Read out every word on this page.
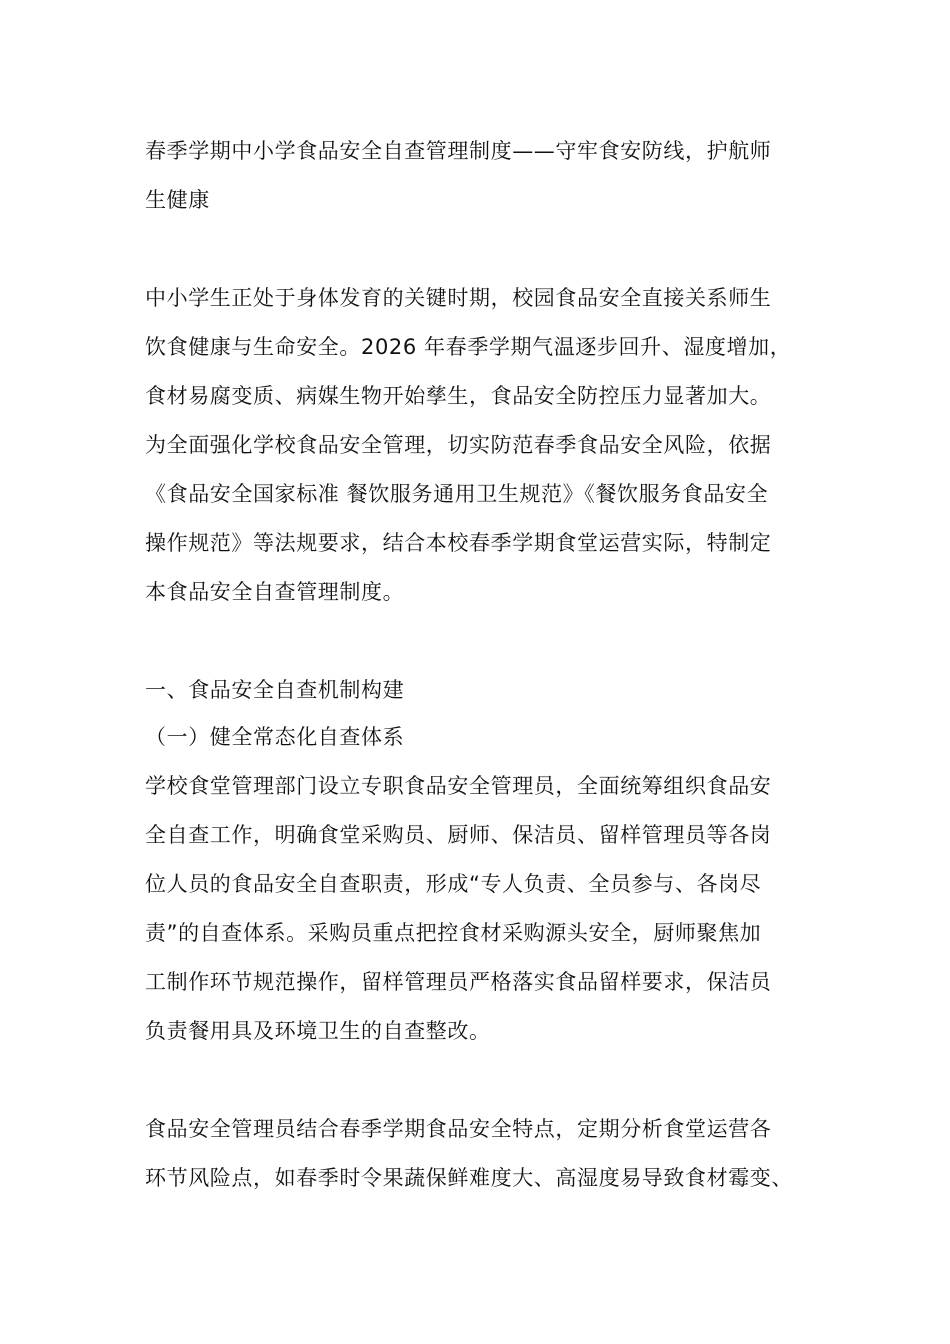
春季学期中小学食品安全自查管理制度——守牢食安防线，护航师
生健康

中小学生正处于身体发育的关键时期，校园食品安全直接关系师生
饮食健康与生命安全。2026 年春季学期气温逐步回升、湿度增加，
食材易腐变质、病媒生物开始孳生，食品安全防控压力显著加大。
为全面强化学校食品安全管理，切实防范春季食品安全风险，依据
《食品安全国家标准 餐饮服务通用卫生规范》《餐饮服务食品安全
操作规范》等法规要求，结合本校春季学期食堂运营实际，特制定
本食品安全自查管理制度。

一、食品安全自查机制构建

（一）健全常态化自查体系

学校食堂管理部门设立专职食品安全管理员，全面统筹组织食品安
全自查工作，明确食堂采购员、厨师、保洁员、留样管理员等各岗
位人员的食品安全自查职责，形成“专人负责、全员参与、各岗尽
责”的自查体系。采购员重点把控食材采购源头安全，厨师聚焦加
工制作环节规范操作，留样管理员严格落实食品留样要求，保洁员
负责餐用具及环境卫生的自查整改。

食品安全管理员结合春季学期食品安全特点，定期分析食堂运营各
环节风险点，如春季时令果蔬保鲜难度大、高湿度易导致食材霉变、
